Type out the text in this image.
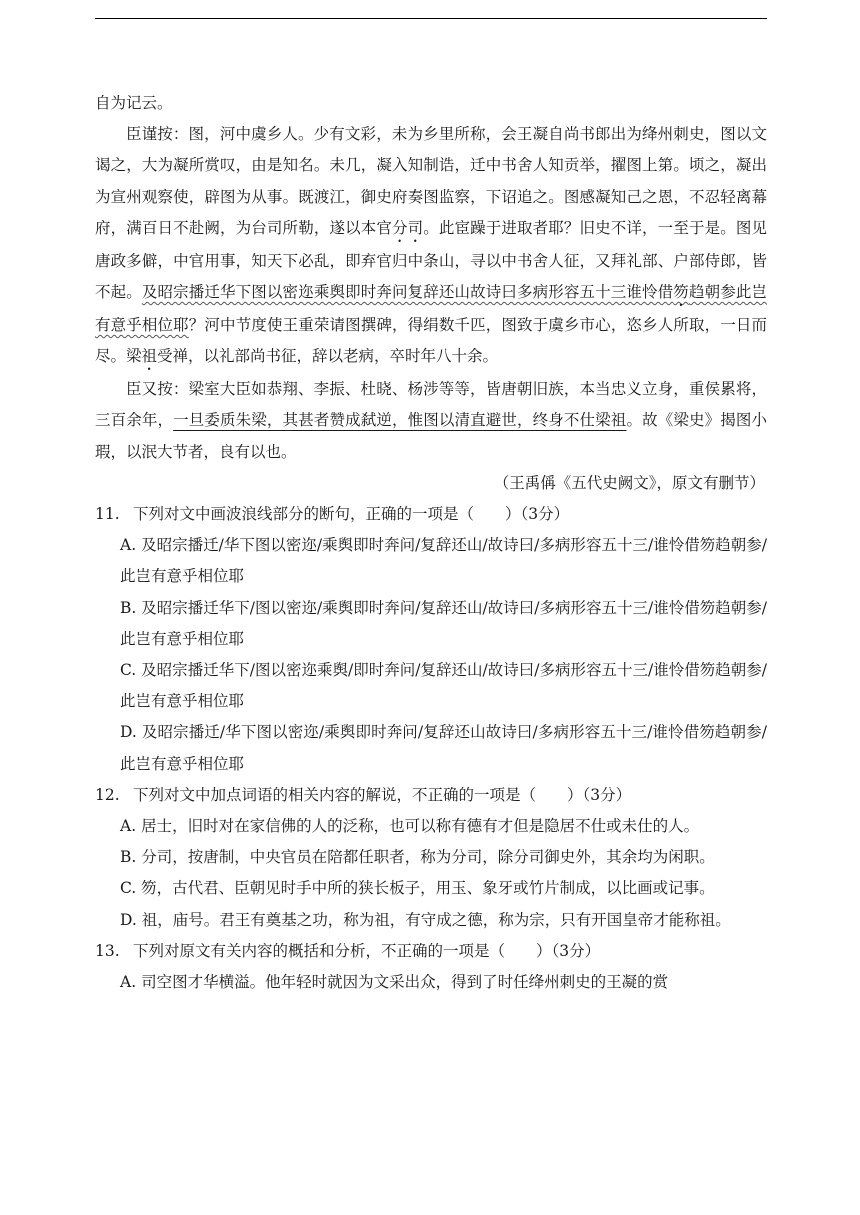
自为记云。

臣谨按：图，河中虞乡人。少有文彩，未为乡里所称，会王凝自尚书郎出为绛州刺史，图以文谒之，大为凝所赏叹，由是知名。未几，凝入知制诰，迁中书舍人知贡举，擢图上第。顷之，凝出为宣州观察使，辟图为从事。既渡江，御史府奏图监察，下诏追之。图感凝知己之恩，不忍轻离幕府，满百日不赴阙，为台司所勒，遂以本官分司。此宦躁于进取者耶？旧史不详，一至于是。图见唐政多僻，中官用事，知天下必乱，即弃官归中条山，寻以中书舍人征，又拜礼部、户部侍郎，皆不起。及昭宗播迁华下图以密迩乘舆即时奔问复辞还山故诗曰多病形容五十三谁怜借笏趋朝参此岂有意乎相位耶？河中节度使王重荣请图撰碑，得绢数千匹，图致于虞乡市心，恣乡人所取，一日而尽。梁祖受禅，以礼部尚书征，辞以老病，卒时年八十余。

臣又按：梁室大臣如恭翔、李振、杜晓、杨涉等等，皆唐朝旧族，本当忠义立身，重侯累将，三百余年，一旦委质朱梁，其甚者赞成弑逆，惟图以清直避世，终身不仕梁祖。故《梁史》揭图小瑕，以泯大节者，良有以也。

（王禹偁《五代史阙文》，原文有删节）

11. 下列对文中画波浪线部分的断句，正确的一项是（　　）（3分）

A. 及昭宗播迁/华下图以密迩/乘舆即时奔问/复辞还山/故诗曰/多病形容五十三/谁怜借笏趋朝参/此岂有意乎相位耶

B. 及昭宗播迁华下/图以密迩/乘舆即时奔问/复辞还山/故诗曰/多病形容五十三/谁怜借笏趋朝参/此岂有意乎相位耶

C. 及昭宗播迁华下/图以密迩乘舆/即时奔问/复辞还山/故诗曰/多病形容五十三/谁怜借笏趋朝参/此岂有意乎相位耶

D. 及昭宗播迁/华下图以密迩/乘舆即时奔问/复辞还山故诗曰/多病形容五十三/谁怜借笏趋朝参/此岂有意乎相位耶

12. 下列对文中加点词语的相关内容的解说，不正确的一项是（　　）（3分）

A. 居士，旧时对在家信佛的人的泛称，也可以称有德有才但是隐居不仕或未仕的人。

B. 分司，按唐制，中央官员在陪都任职者，称为分司，除分司御史外，其余均为闲职。

C. 笏，古代君、臣朝见时手中所的狭长板子，用玉、象牙或竹片制成，以比画或记事。

D. 祖，庙号。君王有奠基之功，称为祖，有守成之德，称为宗，只有开国皇帝才能称祖。

13. 下列对原文有关内容的概括和分析，不正确的一项是（　　）（3分）

A. 司空图才华横溢。他年轻时就因为文采出众，得到了时任绛州刺史的王凝的赏
